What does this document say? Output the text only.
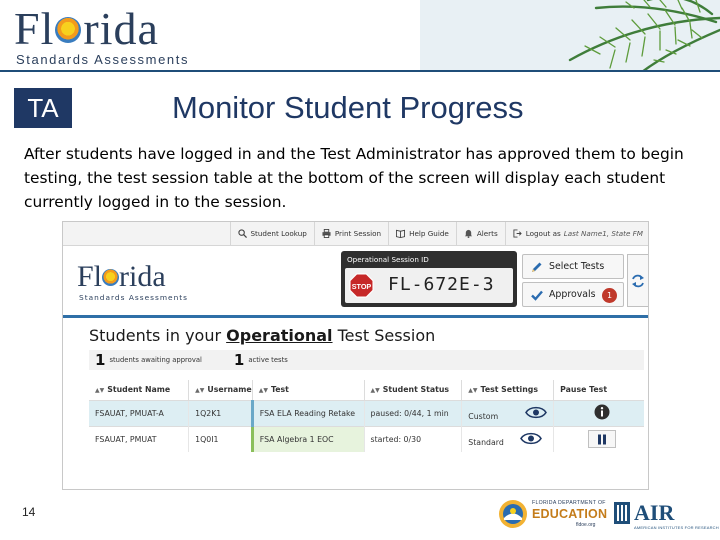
Fl rida
Standards Assessments
TA	Monitor Student Progress
After students have logged in and the Test Administrator has approved them to begin testing, the test session table at the bottom of the screen will display each student currently logged in to the session.
Student Lookup	Print Session	Help Guide	Alerts	Logout as Last Name1, State FM
Fl rida
Standards Assessments
Operational Session ID
STOP FL-672E-3
Select Tests
Approvals	1
Students in your Operational Test Session
1 students awaiting approval 1 active tests
▲▼ Student Name	▲▼ Username	▲▼ Test	▲▼ Student Status	▲▼ Test Settings	Pause Test
FSAUAT, PMUAT-A	1Q2K1	FSA ELA Reading Retake	paused: 0/44, 1 min	Custom

FSAUAT, PMUAT	1Q0I1	FSA Algebra 1 EOC	started: 0/30	Standard

14
FLORIDA DEPARTMENT OF
EDUCATION
fldoe.org AIR
AMERICAN INSTITUTES FOR RESEARCH
